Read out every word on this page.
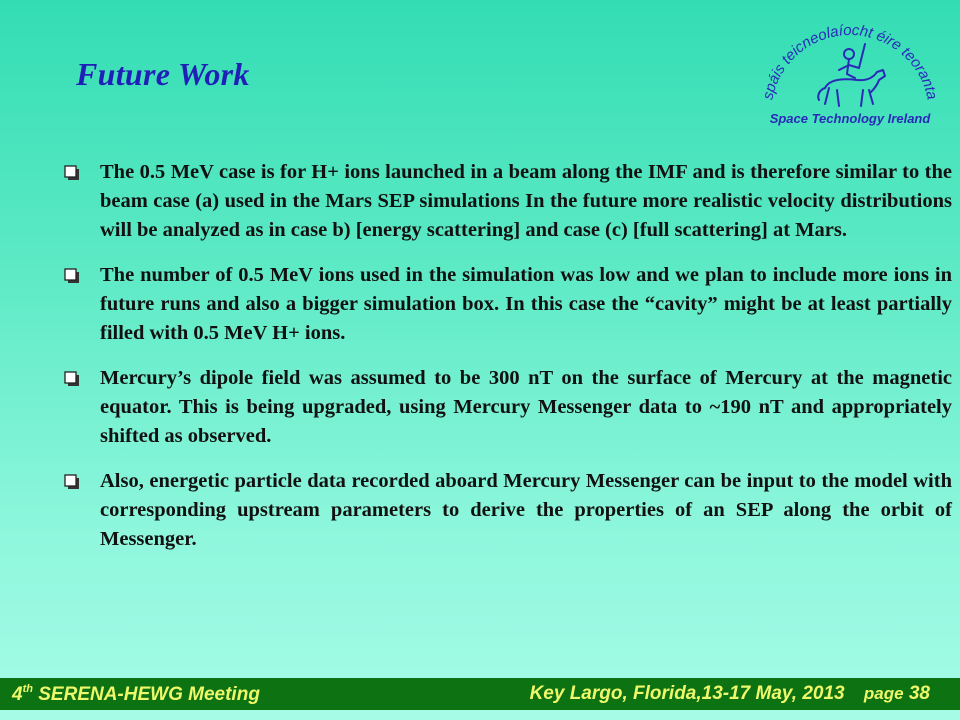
Future Work
spáis teicneolaíocht éire teoranta
Space Technology Ireland
The 0.5 MeV case is for H+ ions launched in a beam along the IMF and is therefore similar to the beam case (a) used in the Mars SEP simulations In the future more realistic velocity distributions will be analyzed as in case b) [energy scattering] and case (c) [full scattering] at Mars.
The number of 0.5 MeV ions used in the simulation was low and we plan to include more ions in future runs and also a bigger simulation box. In this case the “cavity” might be at least partially filled with 0.5 MeV H+ ions.
Mercury’s dipole field was assumed to be 300 nT on the surface of Mercury at the magnetic equator. This is being upgraded, using Mercury Messenger data to ~190 nT and appropriately shifted as observed.
Also, energetic particle data recorded aboard Mercury Messenger can be input to the model with corresponding upstream parameters to derive the properties of an SEP along the orbit of Messenger.
4th SERENA-HEWG Meeting	Key Largo, Florida,13-17 May, 2013 page 38
